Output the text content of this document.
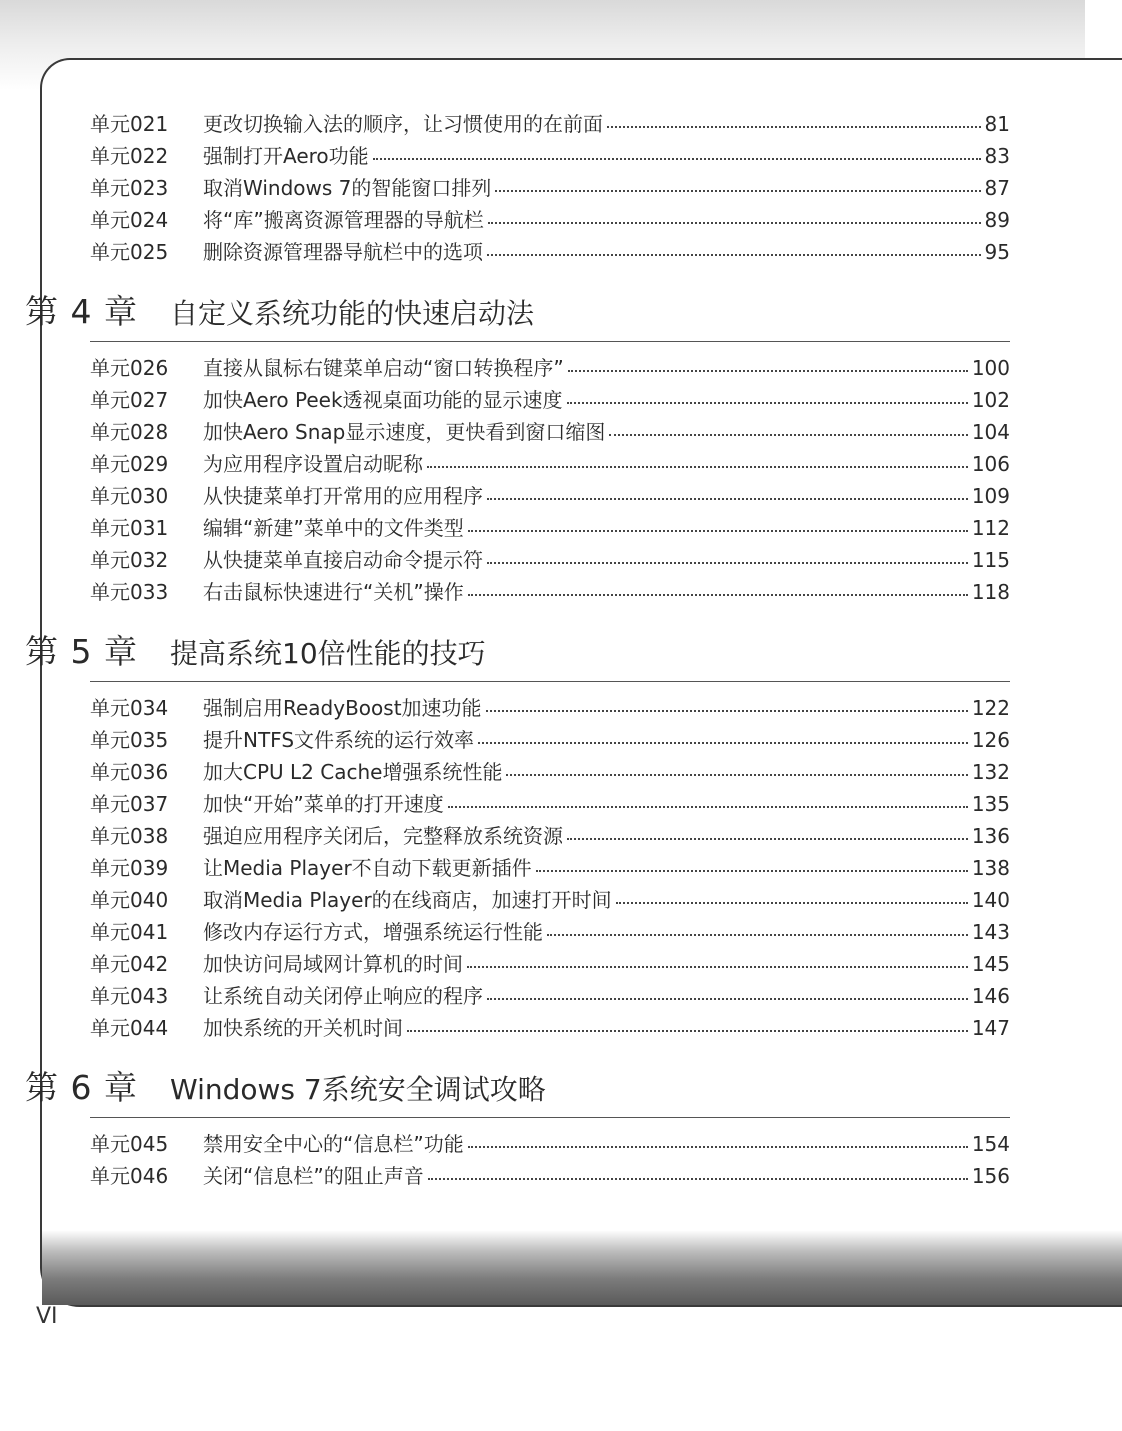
单元021	更改切换输入法的顺序，让习惯使用的在前面	81
单元022	强制打开Aero功能	83
单元023	取消Windows 7的智能窗口排列	87
单元024	将“库”搬离资源管理器的导航栏	89
单元025	删除资源管理器导航栏中的选项	95
第 4 章	自定义系统功能的快速启动法
单元026	直接从鼠标右键菜单启动“窗口转换程序”	100
单元027	加快Aero Peek透视桌面功能的显示速度	102
单元028	加快Aero Snap显示速度，更快看到窗口缩图	104
单元029	为应用程序设置启动昵称	106
单元030	从快捷菜单打开常用的应用程序	109
单元031	编辑“新建”菜单中的文件类型	112
单元032	从快捷菜单直接启动命令提示符	115
单元033	右击鼠标快速进行“关机”操作	118
第 5 章	提高系统10倍性能的技巧
单元034	强制启用ReadyBoost加速功能	122
单元035	提升NTFS文件系统的运行效率	126
单元036	加大CPU L2 Cache增强系统性能	132
单元037	加快“开始”菜单的打开速度	135
单元038	强迫应用程序关闭后，完整释放系统资源	136
单元039	让Media Player不自动下载更新插件	138
单元040	取消Media Player的在线商店，加速打开时间	140
单元041	修改内存运行方式，增强系统运行性能	143
单元042	加快访问局域网计算机的时间	145
单元043	让系统自动关闭停止响应的程序	146
单元044	加快系统的开关机时间	147
第 6 章	Windows 7系统安全调试攻略
单元045	禁用安全中心的“信息栏”功能	154
单元046	关闭“信息栏”的阻止声音	156
VI
